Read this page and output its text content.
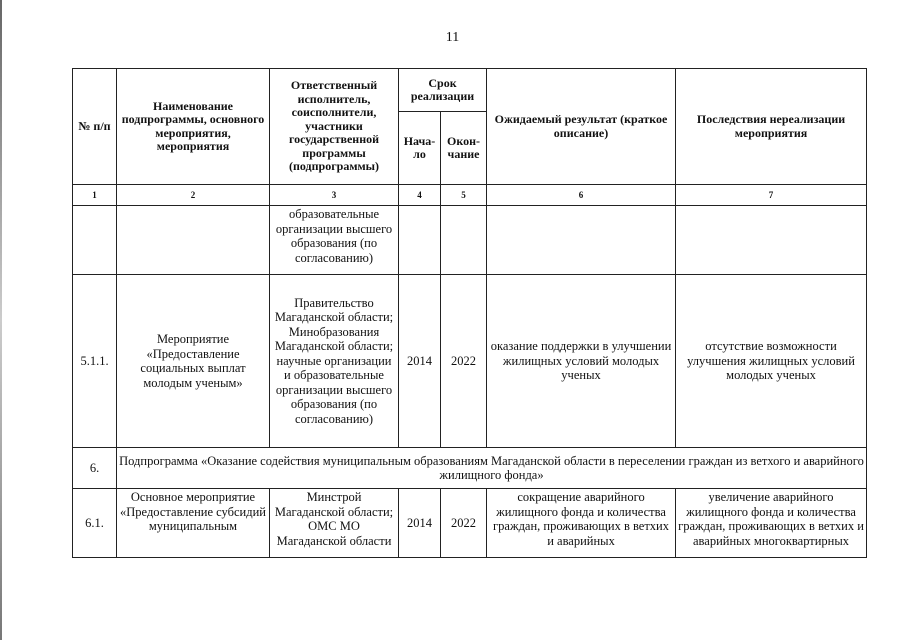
11
№ п/п	Наименование подпрограммы, основного мероприятия, мероприятия	Ответственный исполнитель, соисполнители, участники государственной программы (подпрограммы)	Срок реализации		Ожидаемый результат (краткое описание)	Последствия нереализации мероприятия
			Нача-ло	Окон-чание		
1	2	3	4	5	6	7
		образовательные организации высшего образования (по согласованию)				
5.1.1.	Мероприятие «Предоставление социальных выплат молодым ученым»	Правительство Магаданской области; Минобразования Магаданской области; научные организации и образовательные организации высшего образования (по согласованию)	2014	2022	оказание поддержки в улучшении жилищных условий молодых ученых	отсутствие возможности улучшения жилищных условий молодых ученых
6.	Подпрограмма «Оказание содействия муниципальным образованиям Магаданской области в переселении граждан из ветхого и аварийного жилищного фонда»					
6.1.	Основное мероприятие «Предоставление субсидий муниципальным	Минстрой Магаданской области; ОМС МО Магаданской области	2014	2022	сокращение аварийного жилищного фонда и количества граждан, проживающих в ветхих и аварийных	увеличение аварийного жилищного фонда и количества граждан, проживающих в ветхих и аварийных многоквартирных
